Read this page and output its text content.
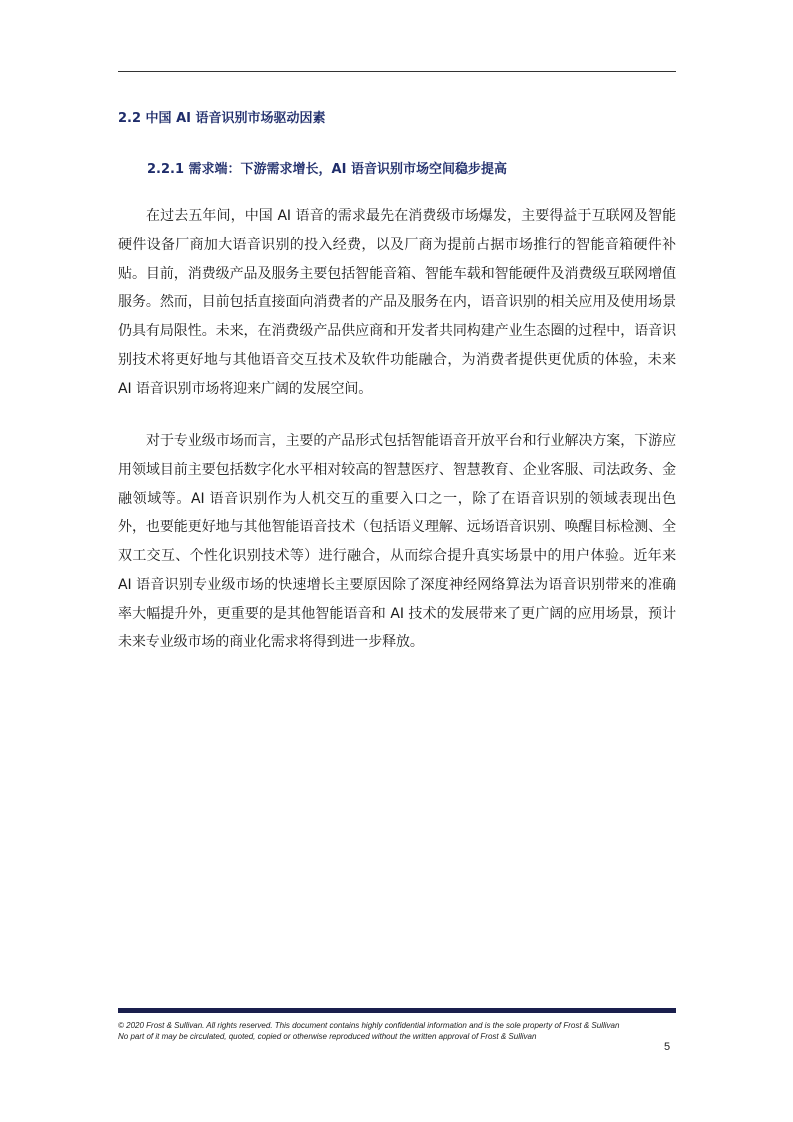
2.2 中国 AI 语音识别市场驱动因素
2.2.1 需求端：下游需求增长，AI 语音识别市场空间稳步提高

在过去五年间，中国 AI 语音的需求最先在消费级市场爆发，主要得益于互联网及智能硬件设备厂商加大语音识别的投入经费，以及厂商为提前占据市场推行的智能音箱硬件补贴。目前，消费级产品及服务主要包括智能音箱、智能车载和智能硬件及消费级互联网增值服务。然而，目前包括直接面向消费者的产品及服务在内，语音识别的相关应用及使用场景仍具有局限性。未来，在消费级产品供应商和开发者共同构建产业生态圈的过程中，语音识别技术将更好地与其他语音交互技术及软件功能融合，为消费者提供更优质的体验，未来 AI 语音识别市场将迎来广阔的发展空间。

对于专业级市场而言，主要的产品形式包括智能语音开放平台和行业解决方案，下游应用领域目前主要包括数字化水平相对较高的智慧医疗、智慧教育、企业客服、司法政务、金融领域等。AI 语音识别作为人机交互的重要入口之一，除了在语音识别的领域表现出色外，也要能更好地与其他智能语音技术（包括语义理解、远场语音识别、唤醒目标检测、全双工交互、个性化识别技术等）进行融合，从而综合提升真实场景中的用户体验。近年来 AI 语音识别专业级市场的快速增长主要原因除了深度神经网络算法为语音识别带来的准确率大幅提升外，更重要的是其他智能语音和 AI 技术的发展带来了更广阔的应用场景，预计未来专业级市场的商业化需求将得到进一步释放。

© 2020 Frost & Sullivan. All rights reserved. This document contains highly confidential information and is the sole property of Frost & Sullivan
No part of it may be circulated, quoted, copied or otherwise reproduced without the written approval of Frost & Sullivan
5
